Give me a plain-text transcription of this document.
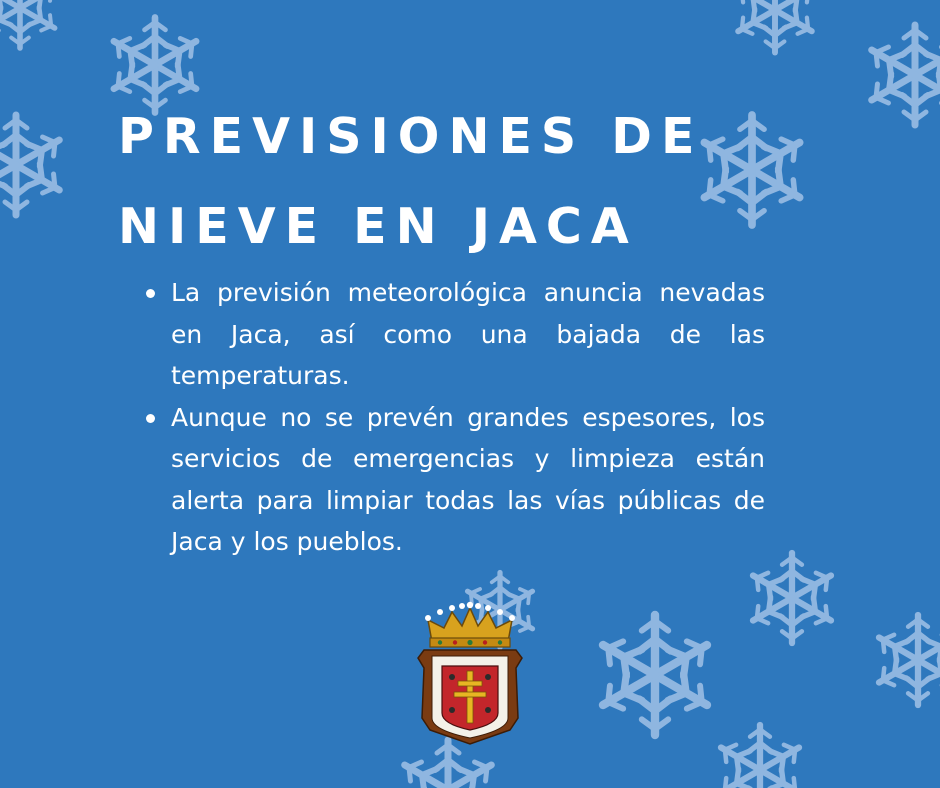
PREVISIONES DE
NIEVE EN JACA
La previsión meteorológica anuncia nevadas en Jaca, así como una bajada de las temperaturas.
Aunque no se prevén grandes espesores, los servicios de emergencias y limpieza están alerta para limpiar todas las vías públicas de Jaca y los pueblos.
